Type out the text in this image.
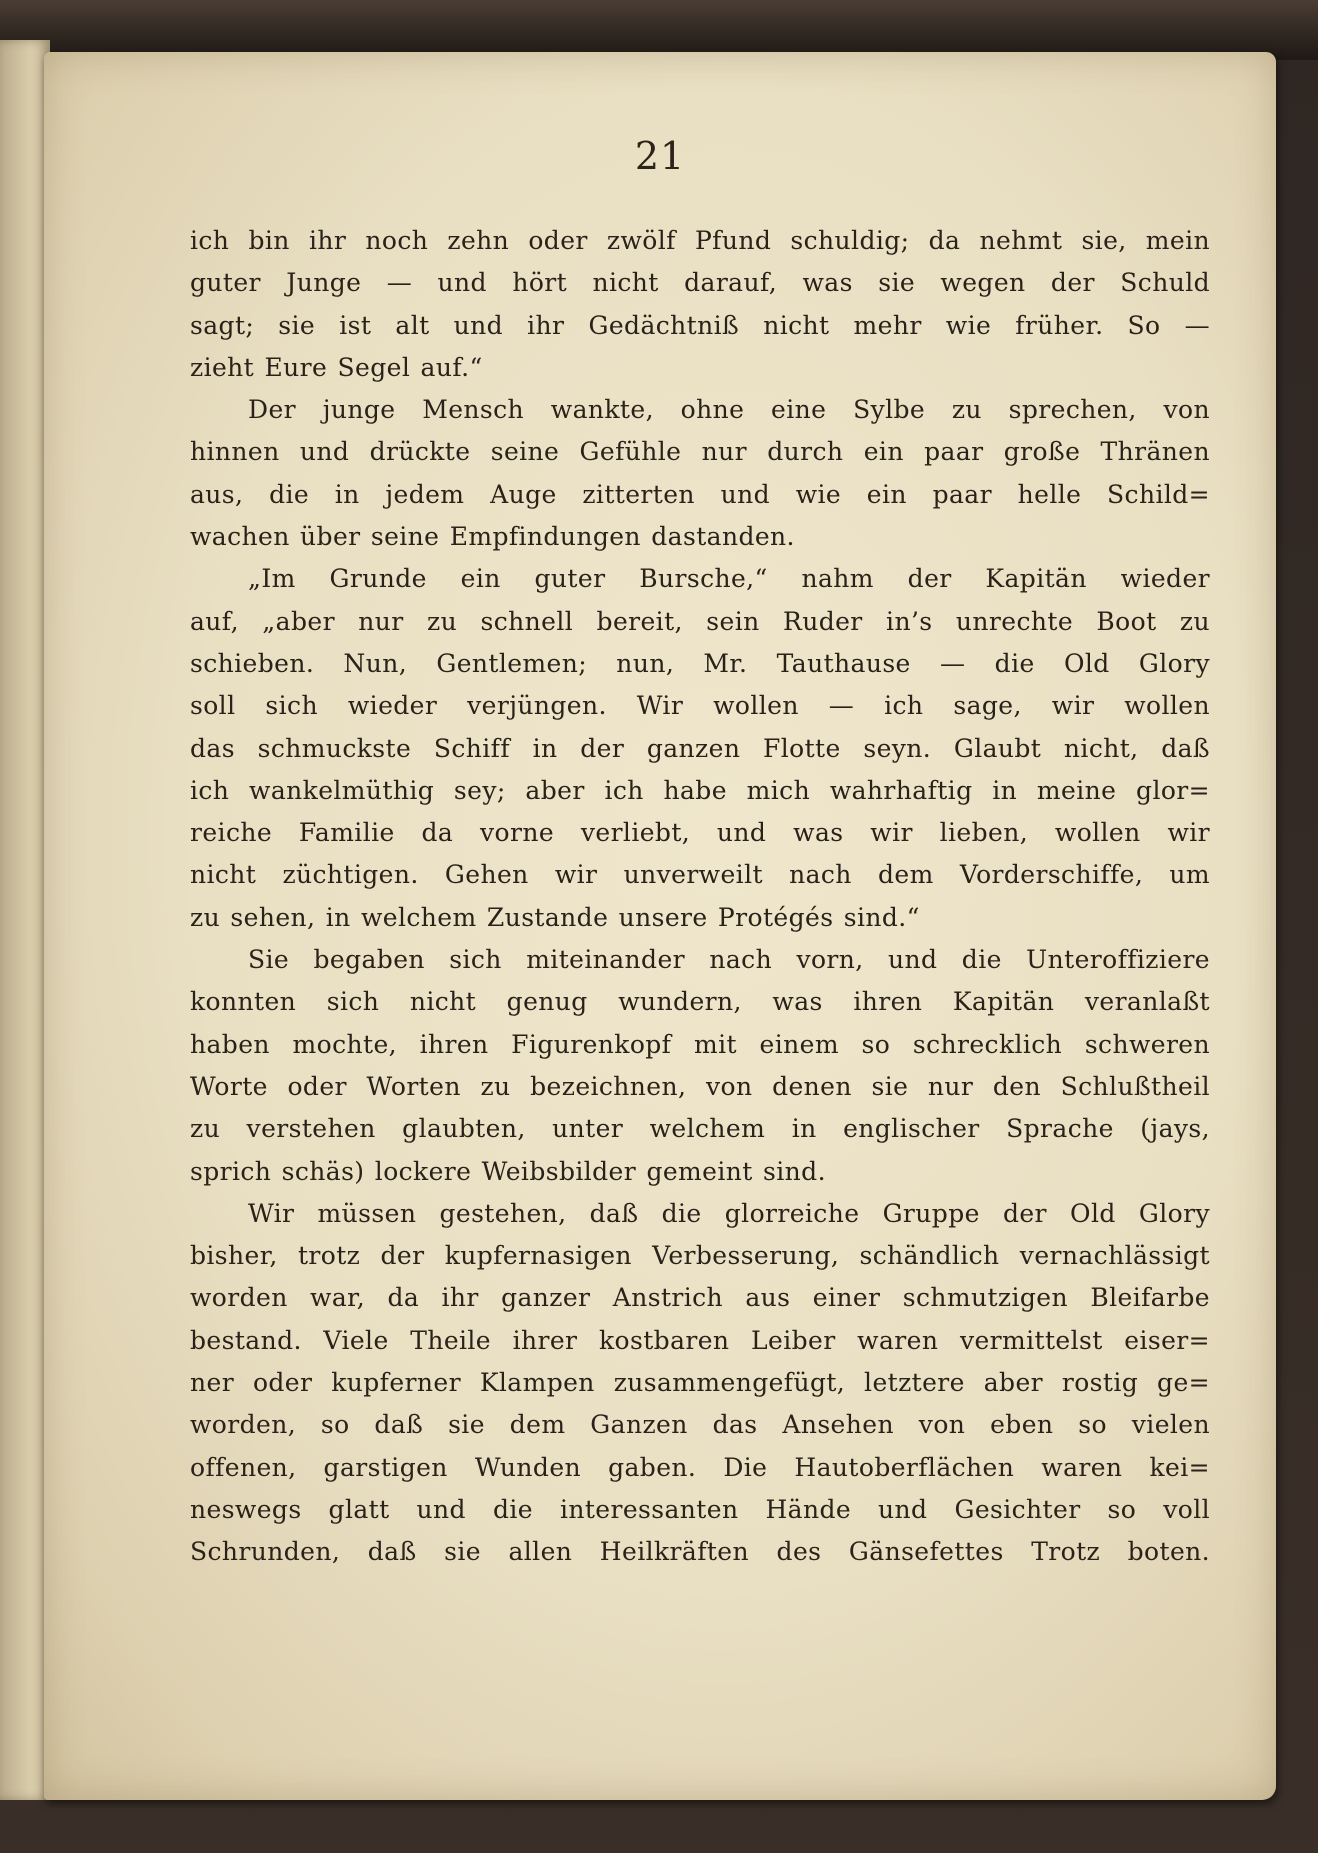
21
ich bin ihr noch zehn oder zwölf Pfund schuldig; da nehmt sie, mein
guter Junge — und hört nicht darauf, was sie wegen der Schuld
sagt; sie ist alt und ihr Gedächtniß nicht mehr wie früher. So —
zieht Eure Segel auf.“
Der junge Mensch wankte, ohne eine Sylbe zu sprechen, von
hinnen und drückte seine Gefühle nur durch ein paar große Thränen
aus, die in jedem Auge zitterten und wie ein paar helle Schild=
wachen über seine Empfindungen dastanden.
„Im Grunde ein guter Bursche,“ nahm der Kapitän wieder
auf, „aber nur zu schnell bereit, sein Ruder in’s unrechte Boot zu
schieben. Nun, Gentlemen; nun, Mr. Tauthause — die Old Glory
soll sich wieder verjüngen. Wir wollen — ich sage, wir wollen
das schmuckste Schiff in der ganzen Flotte seyn. Glaubt nicht, daß
ich wankelmüthig sey; aber ich habe mich wahrhaftig in meine glor=
reiche Familie da vorne verliebt, und was wir lieben, wollen wir
nicht züchtigen. Gehen wir unverweilt nach dem Vorderschiffe, um
zu sehen, in welchem Zustande unsere Protégés sind.“
Sie begaben sich miteinander nach vorn, und die Unteroffiziere
konnten sich nicht genug wundern, was ihren Kapitän veranlaßt
haben mochte, ihren Figurenkopf mit einem so schrecklich schweren
Worte oder Worten zu bezeichnen, von denen sie nur den Schlußtheil
zu verstehen glaubten, unter welchem in englischer Sprache (jays,
sprich schäs) lockere Weibsbilder gemeint sind.
Wir müssen gestehen, daß die glorreiche Gruppe der Old Glory
bisher, trotz der kupfernasigen Verbesserung, schändlich vernachlässigt
worden war, da ihr ganzer Anstrich aus einer schmutzigen Bleifarbe
bestand. Viele Theile ihrer kostbaren Leiber waren vermittelst eiser=
ner oder kupferner Klampen zusammengefügt, letztere aber rostig ge=
worden, so daß sie dem Ganzen das Ansehen von eben so vielen
offenen, garstigen Wunden gaben. Die Hautoberflächen waren kei=
neswegs glatt und die interessanten Hände und Gesichter so voll
Schrunden, daß sie allen Heilkräften des Gänsefettes Trotz boten.
